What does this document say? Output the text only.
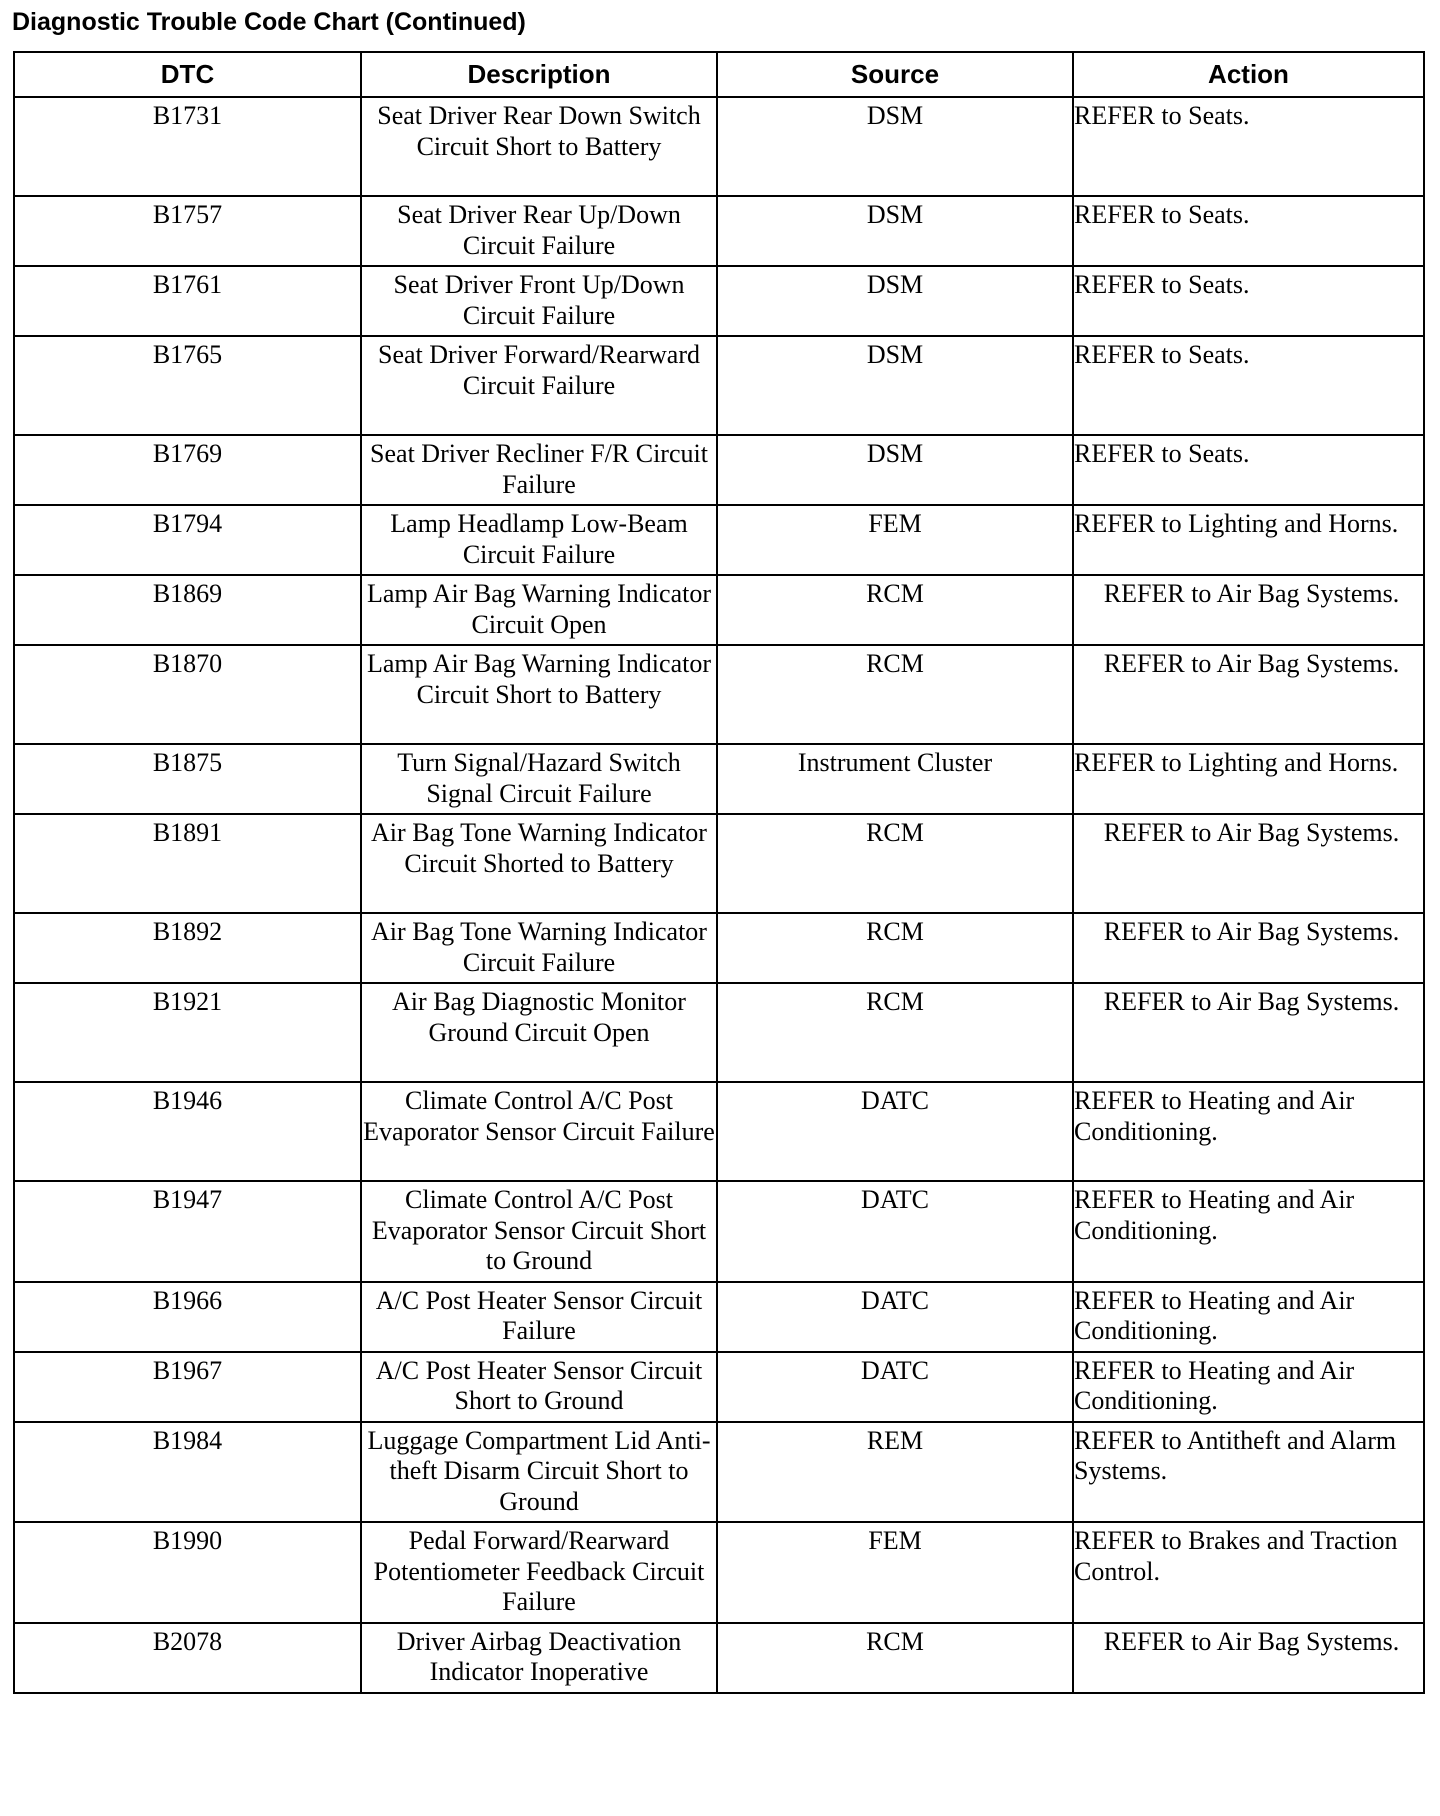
Diagnostic Trouble Code Chart (Continued)
DTC	Description	Source	Action
B1731	Seat Driver Rear Down Switch Circuit Short to Battery	DSM	REFER to Seats.
B1757	Seat Driver Rear Up/Down Circuit Failure	DSM	REFER to Seats.
B1761	Seat Driver Front Up/Down Circuit Failure	DSM	REFER to Seats.
B1765	Seat Driver Forward/Rearward Circuit Failure	DSM	REFER to Seats.
B1769	Seat Driver Recliner F/R Circuit Failure	DSM	REFER to Seats.
B1794	Lamp Headlamp Low-Beam Circuit Failure	FEM	REFER to Lighting and Horns.
B1869	Lamp Air Bag Warning Indicator Circuit Open	RCM	REFER to Air Bag Systems.
B1870	Lamp Air Bag Warning Indicator Circuit Short to Battery	RCM	REFER to Air Bag Systems.
B1875	Turn Signal/Hazard Switch Signal Circuit Failure	Instrument Cluster	REFER to Lighting and Horns.
B1891	Air Bag Tone Warning Indicator Circuit Shorted to Battery	RCM	REFER to Air Bag Systems.
B1892	Air Bag Tone Warning Indicator Circuit Failure	RCM	REFER to Air Bag Systems.
B1921	Air Bag Diagnostic Monitor Ground Circuit Open	RCM	REFER to Air Bag Systems.
B1946	Climate Control A/C Post Evaporator Sensor Circuit Failure	DATC	REFER to Heating and Air Conditioning.
B1947	Climate Control A/C Post Evaporator Sensor Circuit Short to Ground	DATC	REFER to Heating and Air Conditioning.
B1966	A/C Post Heater Sensor Circuit Failure	DATC	REFER to Heating and Air Conditioning.
B1967	A/C Post Heater Sensor Circuit Short to Ground	DATC	REFER to Heating and Air Conditioning.
B1984	Luggage Compartment Lid Anti-theft Disarm Circuit Short to Ground	REM	REFER to Antitheft and Alarm Systems.
B1990	Pedal Forward/Rearward Potentiometer Feedback Circuit Failure	FEM	REFER to Brakes and Traction Control.
B2078	Driver Airbag Deactivation Indicator Inoperative	RCM	REFER to Air Bag Systems.
